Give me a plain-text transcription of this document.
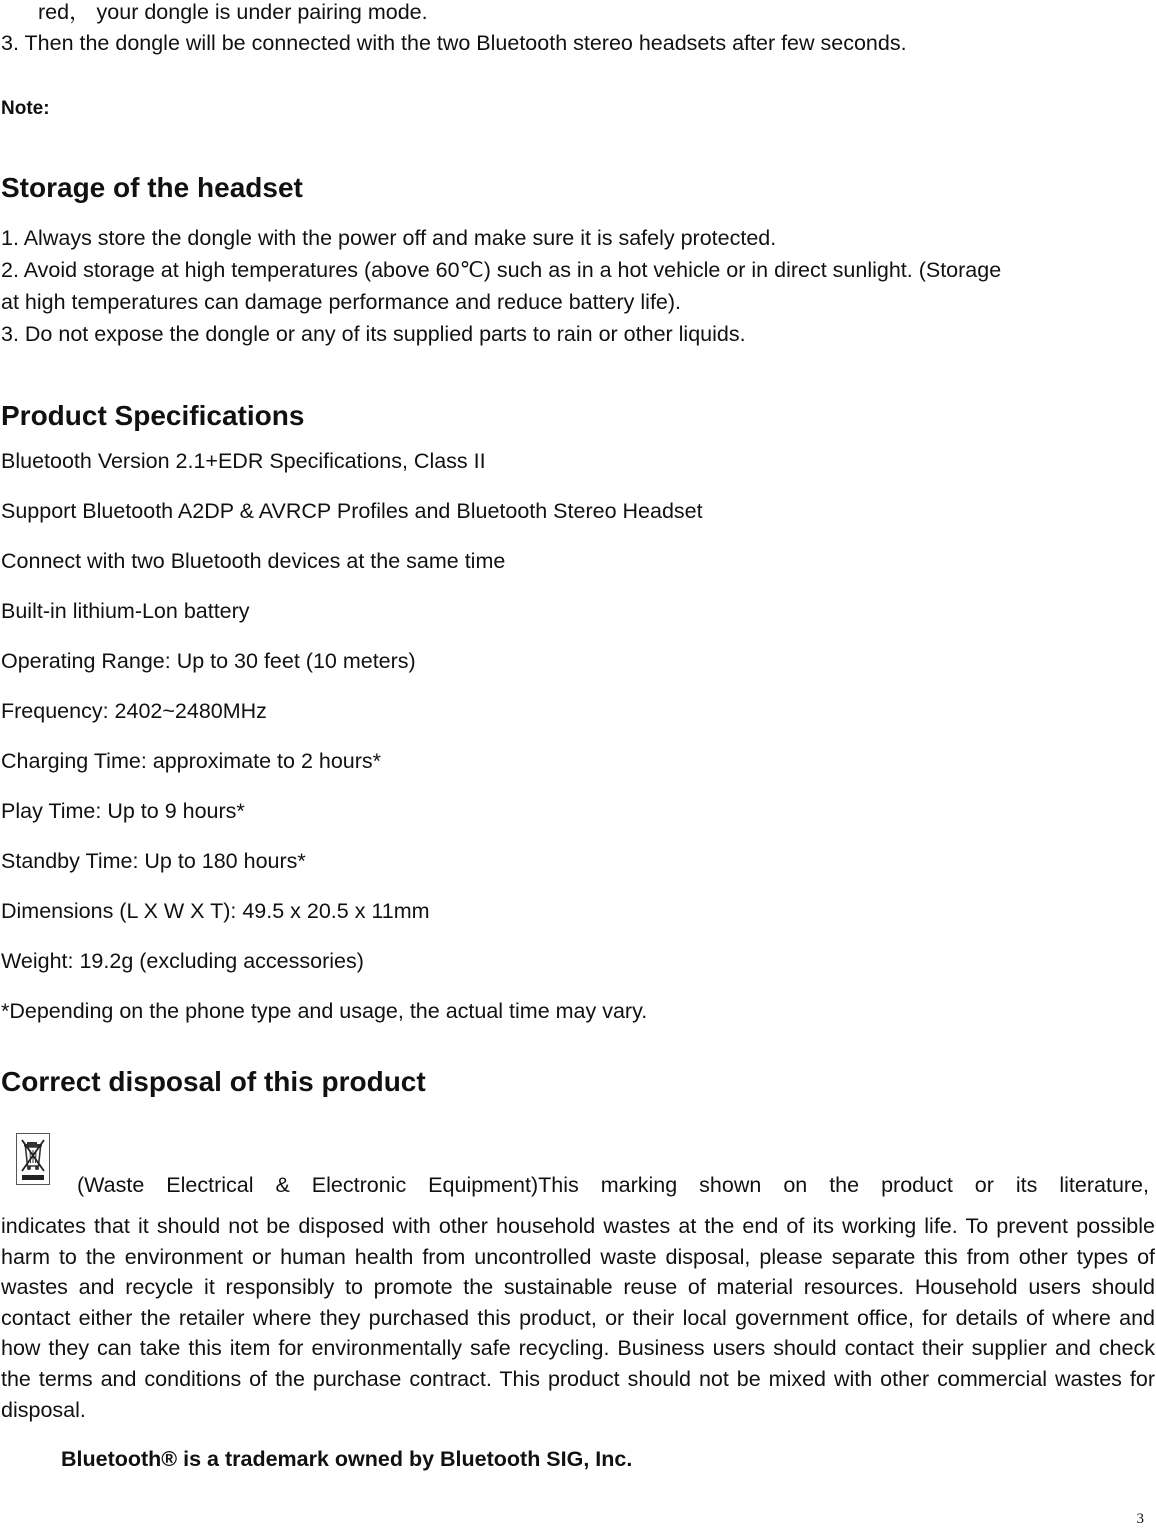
red， your dongle is under pairing mode.
3. Then the dongle will be connected with the two Bluetooth stereo headsets after few seconds.
Note:
Storage of the headset
1. Always store the dongle with the power off and make sure it is safely protected.
2. Avoid storage at high temperatures (above 60℃) such as in a hot vehicle or in direct sunlight. (Storage
at high temperatures can damage performance and reduce battery life).
3. Do not expose the dongle or any of its supplied parts to rain or other liquids.
Product Specifications
Bluetooth Version 2.1+EDR Specifications, Class II
Support Bluetooth A2DP & AVRCP Profiles and Bluetooth Stereo Headset
Connect with two Bluetooth devices at the same time
Built-in lithium-Lon battery
Operating Range: Up to 30 feet (10 meters)
Frequency: 2402~2480MHz
Charging Time: approximate to 2 hours*
Play Time: Up to 9 hours*
Standby Time: Up to 180 hours*
Dimensions (L X W X T): 49.5 x 20.5 x 11mm
Weight: 19.2g (excluding accessories)
*Depending on the phone type and usage, the actual time may vary.
Correct disposal of this product
(Waste Electrical & Electronic Equipment)This marking shown on the product or its literature,
indicates that it should not be disposed with other household wastes at the end of its working life. To prevent possible harm to the environment or human health from uncontrolled waste disposal, please separate this from other types of wastes and recycle it responsibly to promote the sustainable reuse of material resources. Household users should contact either the retailer where they purchased this product, or their local government office, for details of where and how they can take this item for environmentally safe recycling. Business users should contact their supplier and check the terms and conditions of the purchase contract. This product should not be mixed with other commercial wastes for disposal.
Bluetooth® is a trademark owned by Bluetooth SIG, Inc.
3
